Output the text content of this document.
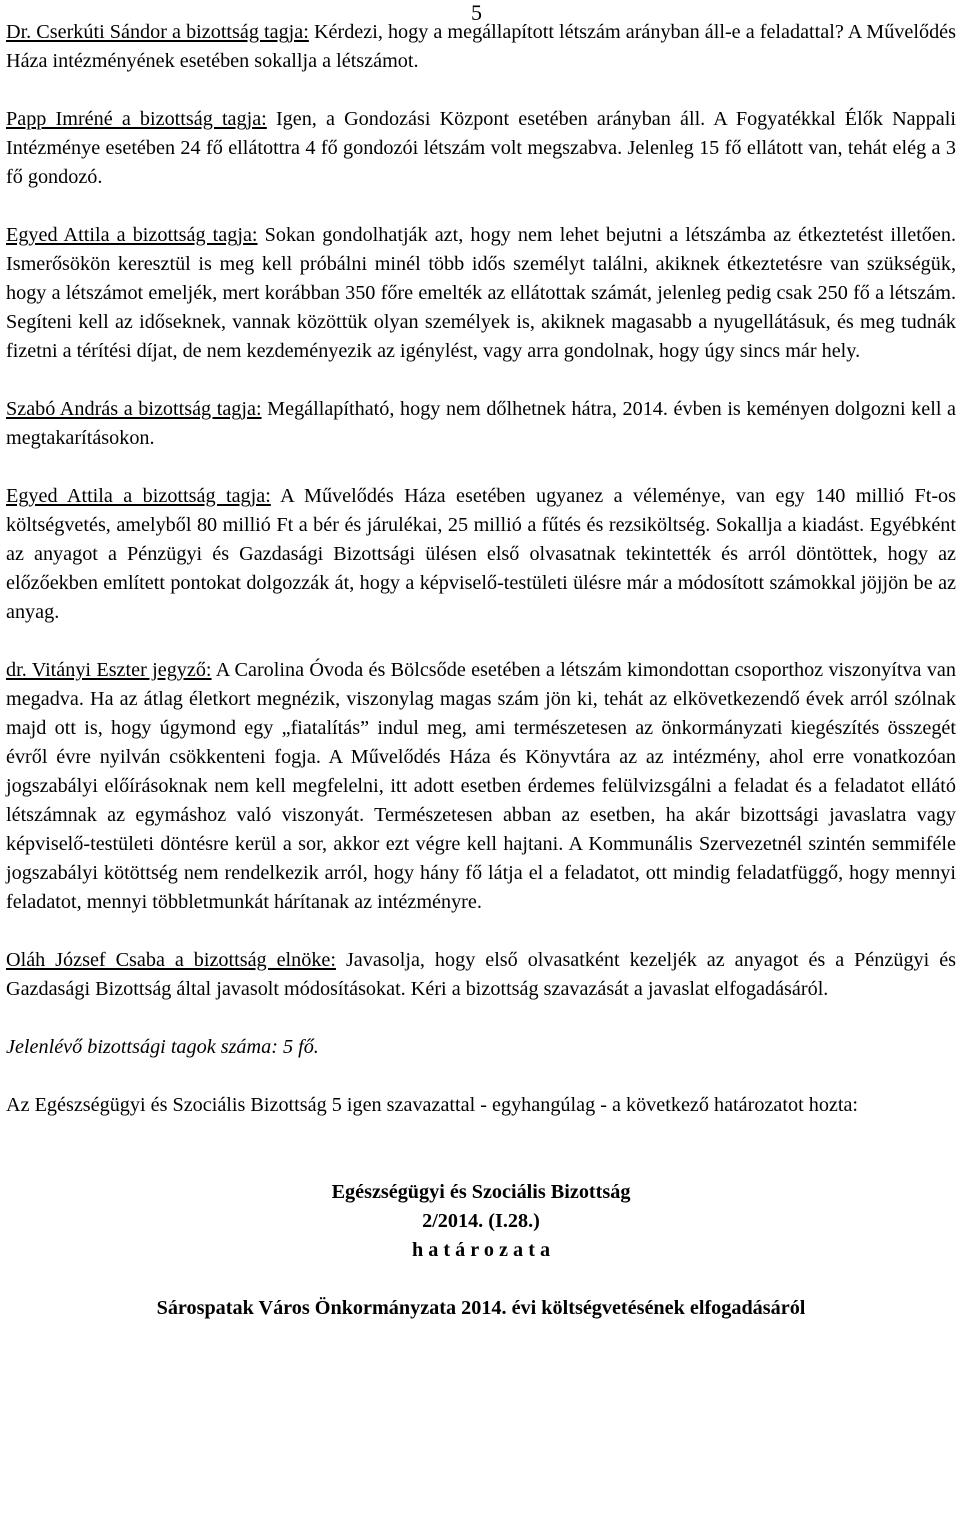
5

Dr. Cserkúti Sándor a bizottság tagja: Kérdezi, hogy a megállapított létszám arányban áll-e a feladattal? A Művelődés Háza intézményének esetében sokallja a létszámot.

Papp Imréné a bizottság tagja: Igen, a Gondozási Központ esetében arányban áll. A Fogyatékkal Élők Nappali Intézménye esetében 24 fő ellátottra 4 fő gondozói létszám volt megszabva. Jelenleg 15 fő ellátott van, tehát elég a 3 fő gondozó.

Egyed Attila a bizottság tagja: Sokan gondolhatják azt, hogy nem lehet bejutni a létszámba az étkeztetést illetően. Ismerősökön keresztül is meg kell próbálni minél több idős személyt találni, akiknek étkeztetésre van szükségük, hogy a létszámot emeljék, mert korábban 350 főre emelték az ellátottak számát, jelenleg pedig csak 250 fő a létszám. Segíteni kell az időseknek, vannak közöttük olyan személyek is, akiknek magasabb a nyugellátásuk, és meg tudnák fizetni a térítési díjat, de nem kezdeményezik az igénylést, vagy arra gondolnak, hogy úgy sincs már hely.

Szabó András a bizottság tagja: Megállapítható, hogy nem dőlhetnek hátra, 2014. évben is keményen dolgozni kell a megtakarításokon.

Egyed Attila a bizottság tagja: A Művelődés Háza esetében ugyanez a véleménye, van egy 140 millió Ft-os költségvetés, amelyből 80 millió Ft a bér és járulékai, 25 millió a fűtés és rezsiköltség. Sokallja a kiadást. Egyébként az anyagot a Pénzügyi és Gazdasági Bizottsági ülésen első olvasatnak tekintették és arról döntöttek, hogy az előzőekben említett pontokat dolgozzák át, hogy a képviselő-testületi ülésre már a módosított számokkal jöjjön be az anyag.

dr. Vitányi Eszter jegyző: A Carolina Óvoda és Bölcsőde esetében a létszám kimondottan csoporthoz viszonyítva van megadva. Ha az átlag életkort megnézik, viszonylag magas szám jön ki, tehát az elkövetkezendő évek arról szólnak majd ott is, hogy úgymond egy „fiatalítás” indul meg, ami természetesen az önkormányzati kiegészítés összegét évről évre nyilván csökkenteni fogja. A Művelődés Háza és Könyvtára az az intézmény, ahol erre vonatkozóan jogszabályi előírásoknak nem kell megfelelni, itt adott esetben érdemes felülvizsgálni a feladat és a feladatot ellátó létszámnak az egymáshoz való viszonyát. Természetesen abban az esetben, ha akár bizottsági javaslatra vagy képviselő-testületi döntésre kerül a sor, akkor ezt végre kell hajtani. A Kommunális Szervezetnél szintén semmiféle jogszabályi kötöttség nem rendelkezik arról, hogy hány fő látja el a feladatot, ott mindig feladatfüggő, hogy mennyi feladatot, mennyi többletmunkát hárítanak az intézményre.

Oláh József Csaba a bizottság elnöke: Javasolja, hogy első olvasatként kezeljék az anyagot és a Pénzügyi és Gazdasági Bizottság által javasolt módosításokat. Kéri a bizottság szavazását a javaslat elfogadásáról.

Jelenlévő bizottsági tagok száma: 5 fő.

Az Egészségügyi és Szociális Bizottság 5 igen szavazattal - egyhangúlag - a következő határozatot hozta:

Egészségügyi és Szociális Bizottság

2/2014. (I.28.)

h a t á r o z a t a

Sárospatak Város Önkormányzata 2014. évi költségvetésének elfogadásáról
